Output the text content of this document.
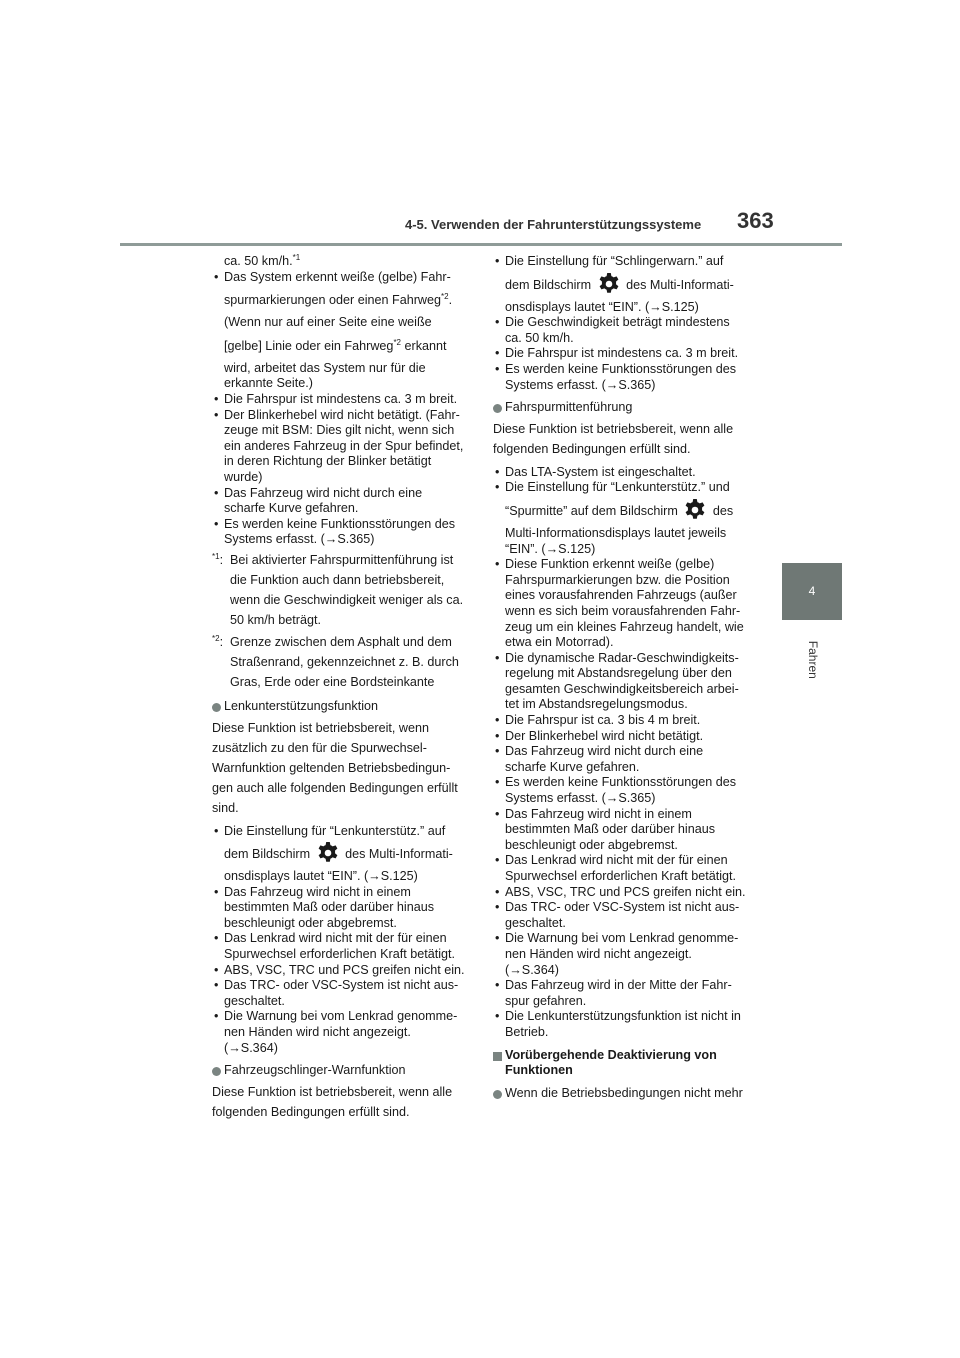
4-5. Verwenden der Fahrunterstützungssysteme 363
4
Fahren

ca. 50 km/h.$^{*1}$

• Das System erkennt weiße (gelbe) Fahr-

spurmarkierungen oder einen Fahrweg$^{*2}$.

(Wenn nur auf einer Seite eine weiße

[gelbe] Linie oder ein Fahrweg$^{*2}$ erkannt

wird, arbeitet das System nur für die

erkannte Seite.)

• Die Fahrspur ist mindestens ca. 3 m breit.

• Der Blinkerhebel wird nicht betätigt. (Fahr-

zeuge mit BSM: Dies gilt nicht, wenn sich

ein anderes Fahrzeug in der Spur befindet,

in deren Richtung der Blinker betätigt

wurde)

• Das Fahrzeug wird nicht durch eine

scharfe Kurve gefahren.

• Es werden keine Funktionsstörungen des

Systems erfasst. (→S.365)

$^{*1}$: Bei aktivierter Fahrspurmittenführung ist

die Funktion auch dann betriebsbereit,

wenn die Geschwindigkeit weniger als ca.

50 km/h beträgt.

$^{*2}$: Grenze zwischen dem Asphalt und dem

Straßenrand, gekennzeichnet z. B. durch

Gras, Erde oder eine Bordsteinkante

Lenkunterstützungsfunktion

Diese Funktion ist betriebsbereit, wenn

zusätzlich zu den für die Spurwechsel-

Warnfunktion geltenden Betriebsbedingun-

gen auch alle folgenden Bedingungen erfüllt

sind.

• Die Einstellung für “Lenkunterstütz.” auf

dem Bildschirm	des Multi-Informati-

onsdisplays lautet “EIN”. (→S.125)

• Das Fahrzeug wird nicht in einem

bestimmten Maß oder darüber hinaus

beschleunigt oder abgebremst.

• Das Lenkrad wird nicht mit der für einen

Spurwechsel erforderlichen Kraft betätigt.

• ABS, VSC, TRC und PCS greifen nicht ein.

• Das TRC- oder VSC-System ist nicht aus-

geschaltet.

• Die Warnung bei vom Lenkrad genomme-

nen Händen wird nicht angezeigt.

(→S.364)

Fahrzeugschlinger-Warnfunktion

Diese Funktion ist betriebsbereit, wenn alle

folgenden Bedingungen erfüllt sind.

• Die Einstellung für “Schlingerwarn.” auf

dem Bildschirm	des Multi-Informati-

onsdisplays lautet “EIN”. (→S.125)

• Die Geschwindigkeit beträgt mindestens

ca. 50 km/h.

• Die Fahrspur ist mindestens ca. 3 m breit.

• Es werden keine Funktionsstörungen des

Systems erfasst. (→S.365)

Fahrspurmittenführung

Diese Funktion ist betriebsbereit, wenn alle

folgenden Bedingungen erfüllt sind.

• Das LTA-System ist eingeschaltet.

• Die Einstellung für “Lenkunterstütz.” und

“Spurmitte” auf dem Bildschirm	des

Multi-Informationsdisplays lautet jeweils

“EIN”. (→S.125)

• Diese Funktion erkennt weiße (gelbe)

Fahrspurmarkierungen bzw. die Position

eines vorausfahrenden Fahrzeugs (außer

wenn es sich beim vorausfahrenden Fahr-

zeug um ein kleines Fahrzeug handelt, wie

etwa ein Motorrad).

• Die dynamische Radar-Geschwindigkeits-

regelung mit Abstandsregelung über den

gesamten Geschwindigkeitsbereich arbei-

tet im Abstandsregelungsmodus.

• Die Fahrspur ist ca. 3 bis 4 m breit.

• Der Blinkerhebel wird nicht betätigt.

• Das Fahrzeug wird nicht durch eine

scharfe Kurve gefahren.

• Es werden keine Funktionsstörungen des

Systems erfasst. (→S.365)

• Das Fahrzeug wird nicht in einem

bestimmten Maß oder darüber hinaus

beschleunigt oder abgebremst.

• Das Lenkrad wird nicht mit der für einen

Spurwechsel erforderlichen Kraft betätigt.

• ABS, VSC, TRC und PCS greifen nicht ein.

• Das TRC- oder VSC-System ist nicht aus-

geschaltet.

• Die Warnung bei vom Lenkrad genomme-

nen Händen wird nicht angezeigt.

(→S.364)

• Das Fahrzeug wird in der Mitte der Fahr-

spur gefahren.

• Die Lenkunterstützungsfunktion ist nicht in

Betrieb.

Vorübergehende Deaktivierung von

Funktionen

Wenn die Betriebsbedingungen nicht mehr
